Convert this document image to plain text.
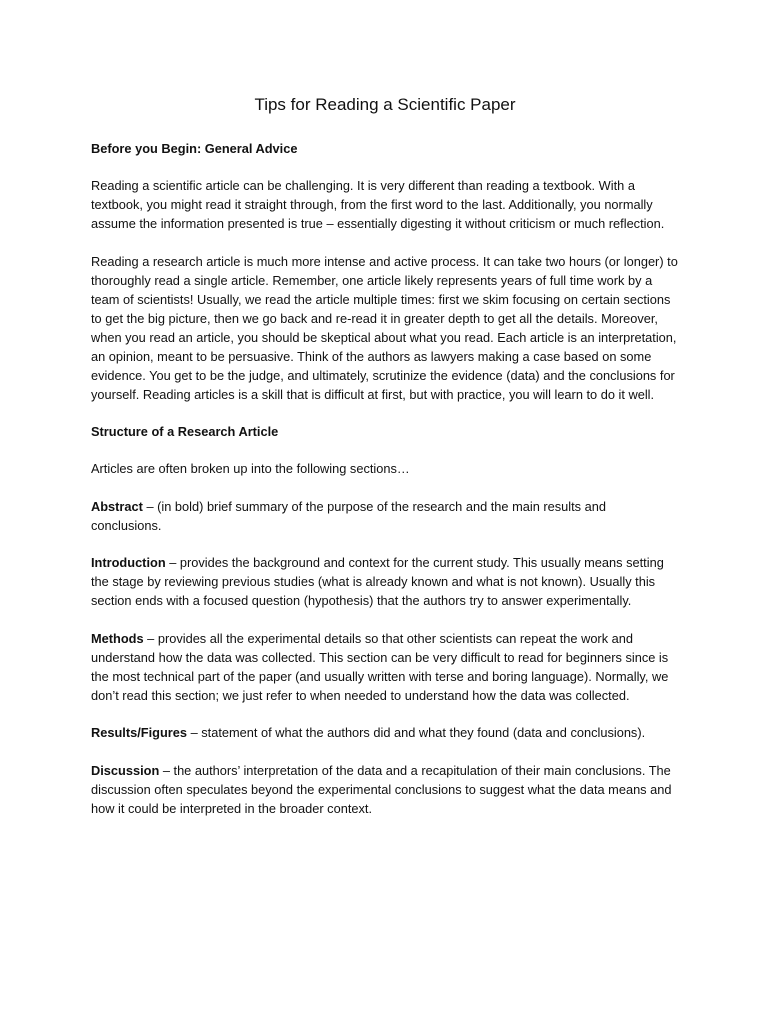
Tips for Reading a Scientific Paper
Before you Begin: General Advice

Reading a scientific article can be challenging. It is very different than reading a textbook. With a textbook, you might read it straight through, from the first word to the last. Additionally, you normally assume the information presented is true – essentially digesting it without criticism or much reflection.

Reading a research article is much more intense and active process. It can take two hours (or longer) to thoroughly read a single article. Remember, one article likely represents years of full time work by a team of scientists! Usually, we read the article multiple times: first we skim focusing on certain sections to get the big picture, then we go back and re-read it in greater depth to get all the details. Moreover, when you read an article, you should be skeptical about what you read. Each article is an interpretation, an opinion, meant to be persuasive. Think of the authors as lawyers making a case based on some evidence. You get to be the judge, and ultimately, scrutinize the evidence (data) and the conclusions for yourself. Reading articles is a skill that is difficult at first, but with practice, you will learn to do it well.

Structure of a Research Article

Articles are often broken up into the following sections…

Abstract – (in bold) brief summary of the purpose of the research and the main results and conclusions.

Introduction – provides the background and context for the current study. This usually means setting the stage by reviewing previous studies (what is already known and what is not known). Usually this section ends with a focused question (hypothesis) that the authors try to answer experimentally.

Methods – provides all the experimental details so that other scientists can repeat the work and understand how the data was collected. This section can be very difficult to read for beginners since is the most technical part of the paper (and usually written with terse and boring language). Normally, we don’t read this section; we just refer to when needed to understand how the data was collected.

Results/Figures – statement of what the authors did and what they found (data and conclusions).

Discussion – the authors’ interpretation of the data and a recapitulation of their main conclusions. The discussion often speculates beyond the experimental conclusions to suggest what the data means and how it could be interpreted in the broader context.
